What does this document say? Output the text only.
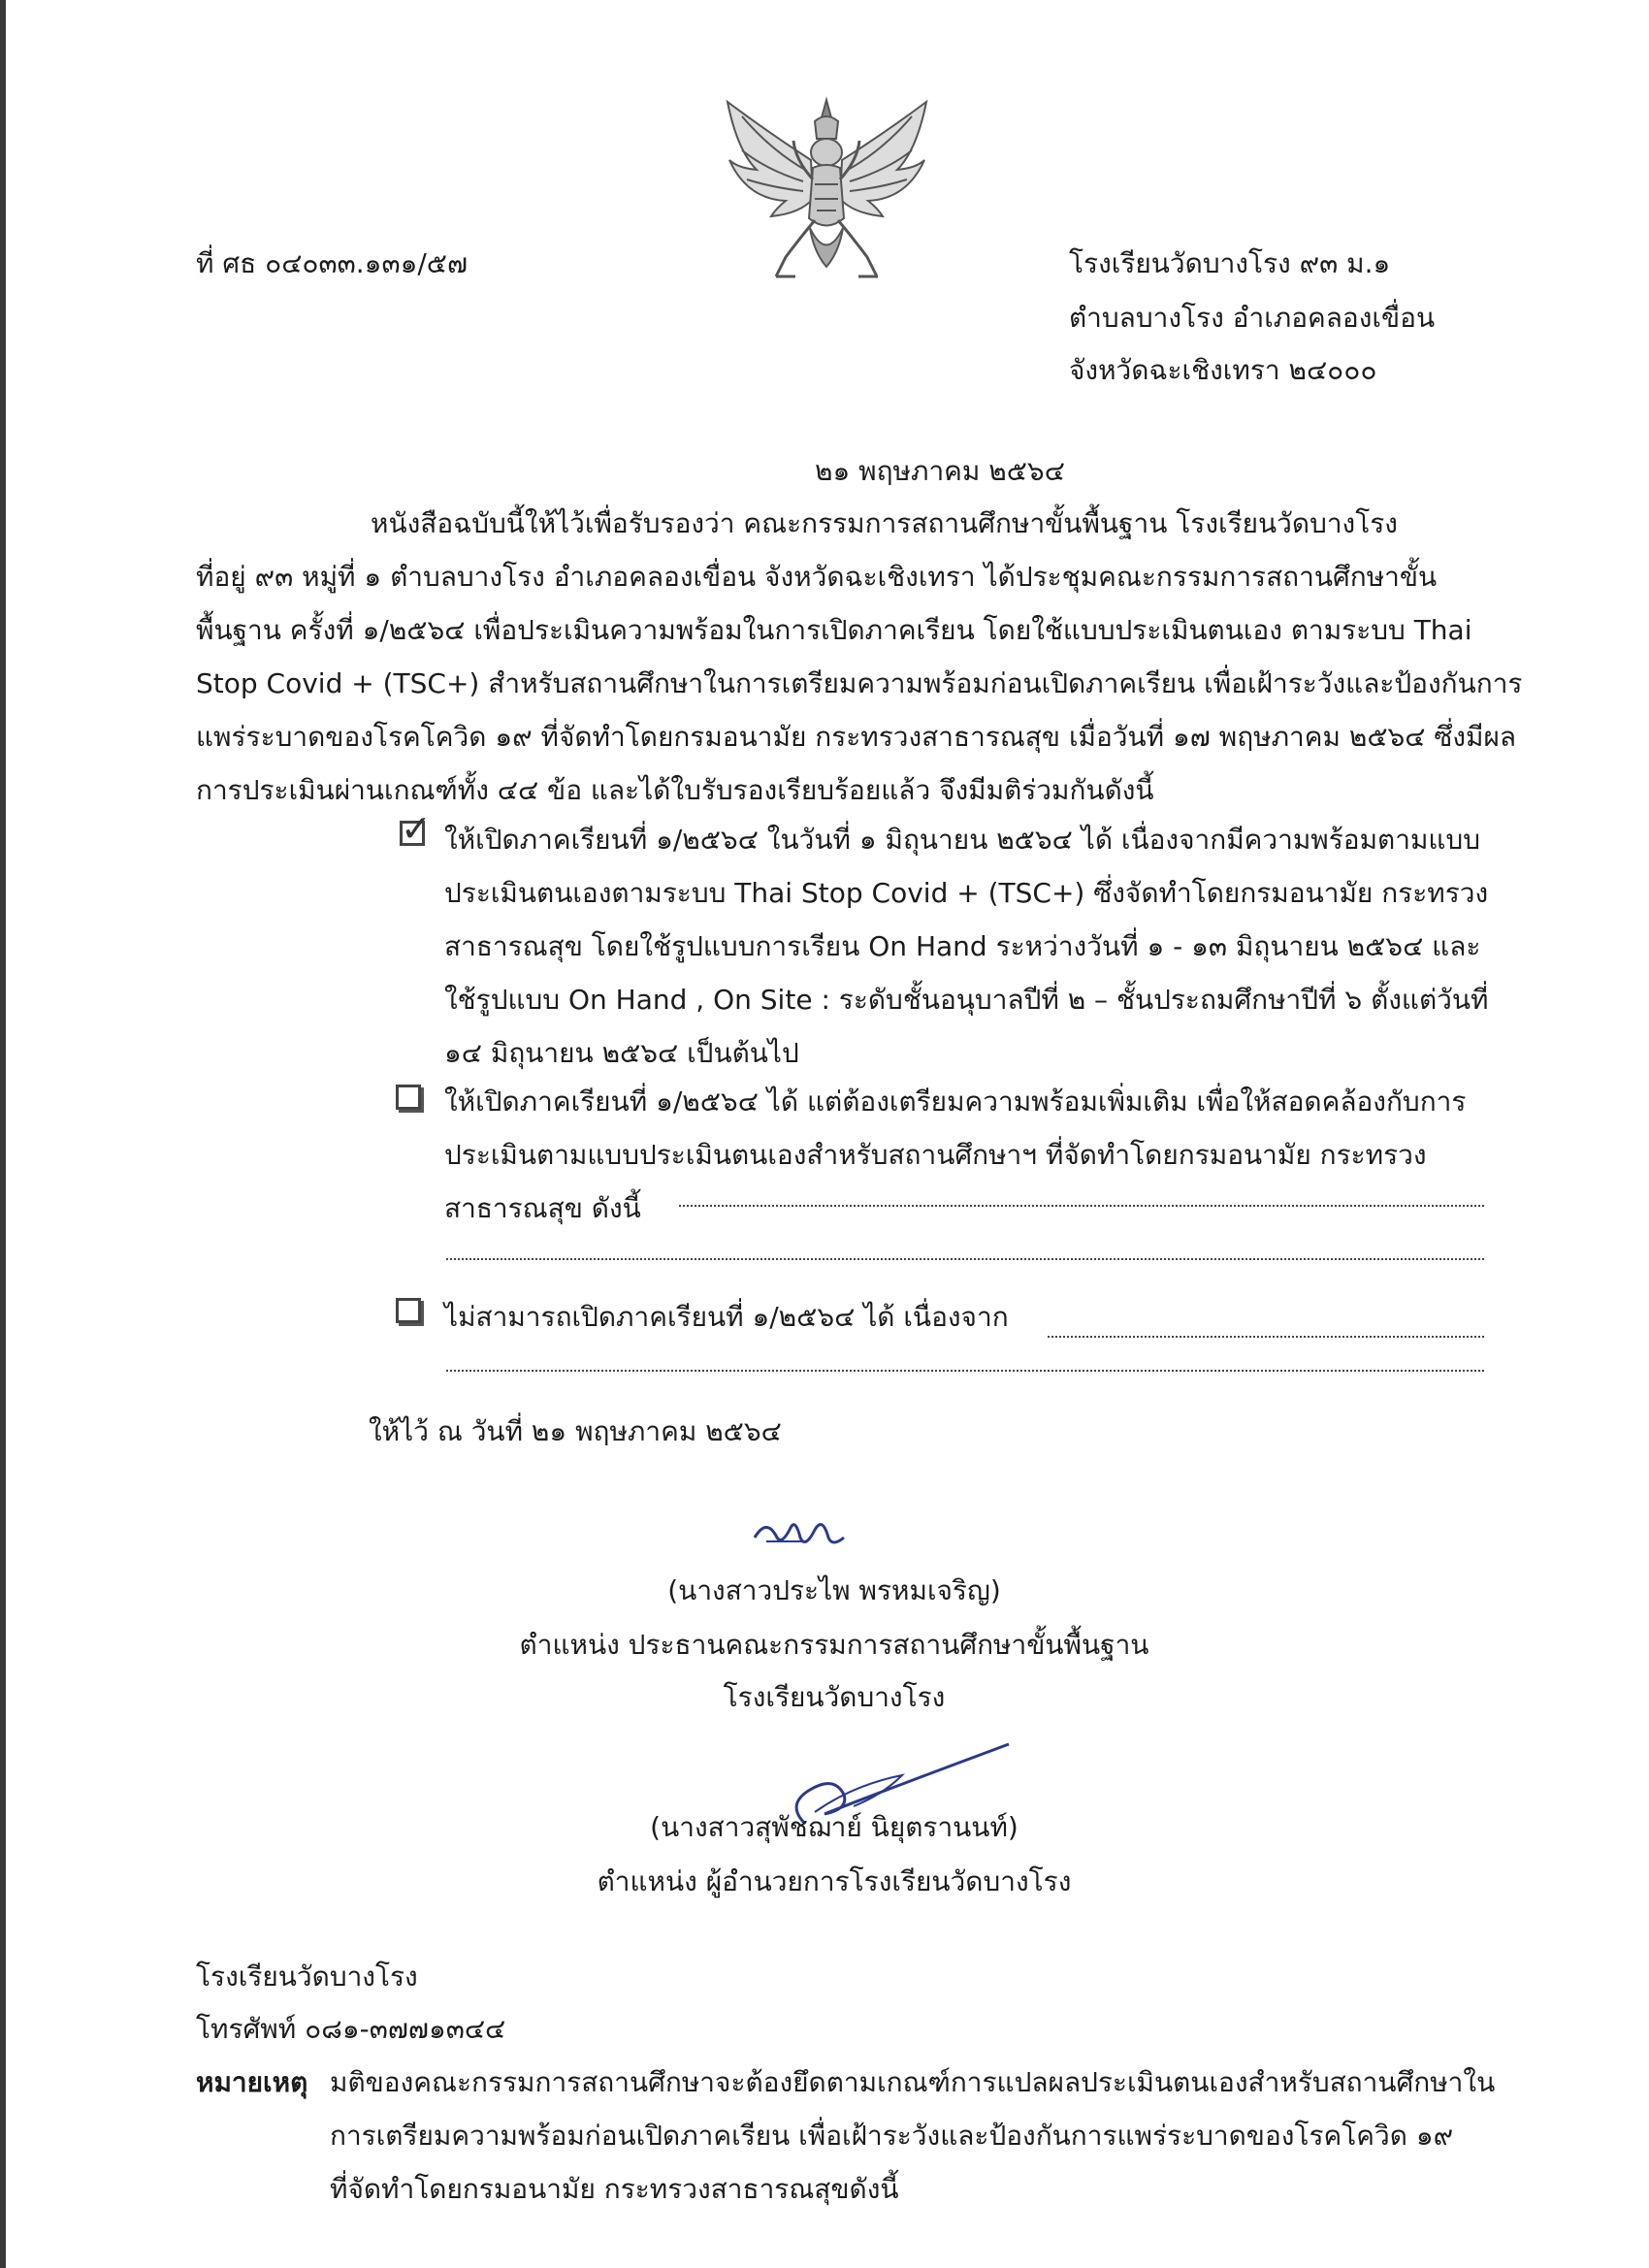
ที่ ศธ ๐๔๐๓๓.๑๓๑/๕๗	โรงเรียนวัดบางโรง ๙๓ ม.๑
ตำบลบางโรง อำเภอคลองเขื่อน
จังหวัดฉะเชิงเทรา ๒๔๐๐๐
๒๑ พฤษภาคม ๒๕๖๔
หนังสือฉบับนี้ให้ไว้เพื่อรับรองว่า คณะกรรมการสถานศึกษาขั้นพื้นฐาน โรงเรียนวัดบางโรง
ที่อยู่ ๙๓ หมู่ที่ ๑ ตำบลบางโรง อำเภอคลองเขื่อน จังหวัดฉะเชิงเทรา ได้ประชุมคณะกรรมการสถานศึกษาขั้น
พื้นฐาน ครั้งที่ ๑/๒๕๖๔ เพื่อประเมินความพร้อมในการเปิดภาคเรียน โดยใช้แบบประเมินตนเอง ตามระบบ Thai
Stop Covid + (TSC+) สำหรับสถานศึกษาในการเตรียมความพร้อมก่อนเปิดภาคเรียน เพื่อเฝ้าระวังและป้องกันการ
แพร่ระบาดของโรคโควิด ๑๙ ที่จัดทำโดยกรมอนามัย กระทรวงสาธารณสุข เมื่อวันที่ ๑๗ พฤษภาคม ๒๕๖๔ ซึ่งมีผล
การประเมินผ่านเกณฑ์ทั้ง ๔๔ ข้อ และได้ใบรับรองเรียบร้อยแล้ว จึงมีมติร่วมกันดังนี้
✓ ให้เปิดภาคเรียนที่ ๑/๒๕๖๔ ในวันที่ ๑ มิถุนายน ๒๕๖๔ ได้ เนื่องจากมีความพร้อมตามแบบ
ประเมินตนเองตามระบบ Thai Stop Covid + (TSC+) ซึ่งจัดทำโดยกรมอนามัย กระทรวง
สาธารณสุข โดยใช้รูปแบบการเรียน On Hand ระหว่างวันที่ ๑ - ๑๓ มิถุนายน ๒๕๖๔ และ
ใช้รูปแบบ On Hand , On Site : ระดับชั้นอนุบาลปีที่ ๒ – ชั้นประถมศึกษาปีที่ ๖ ตั้งแต่วันที่
๑๔ มิถุนายน ๒๕๖๔ เป็นต้นไป
ให้เปิดภาคเรียนที่ ๑/๒๕๖๔ ได้ แต่ต้องเตรียมความพร้อมเพิ่มเติม เพื่อให้สอดคล้องกับการ
ประเมินตามแบบประเมินตนเองสำหรับสถานศึกษาฯ ที่จัดทำโดยกรมอนามัย กระทรวง
สาธารณสุข ดังนี้
ไม่สามารถเปิดภาคเรียนที่ ๑/๒๕๖๔ ได้ เนื่องจาก
ให้ไว้ ณ วันที่ ๒๑ พฤษภาคม ๒๕๖๔
(นางสาวประไพ พรหมเจริญ)
ตำแหน่ง ประธานคณะกรรมการสถานศึกษาขั้นพื้นฐาน
โรงเรียนวัดบางโรง
(นางสาวสุพัชฌาย์ นิยุตรานนท์)
ตำแหน่ง ผู้อำนวยการโรงเรียนวัดบางโรง
โรงเรียนวัดบางโรง
โทรศัพท์ ๐๘๑-๓๗๗๑๓๔๔
หมายเหตุ มติของคณะกรรมการสถานศึกษาจะต้องยึดตามเกณฑ์การแปลผลประเมินตนเองสำหรับสถานศึกษาใน
การเตรียมความพร้อมก่อนเปิดภาคเรียน เพื่อเฝ้าระวังและป้องกันการแพร่ระบาดของโรคโควิด ๑๙
ที่จัดทำโดยกรมอนามัย กระทรวงสาธารณสุขดังนี้
